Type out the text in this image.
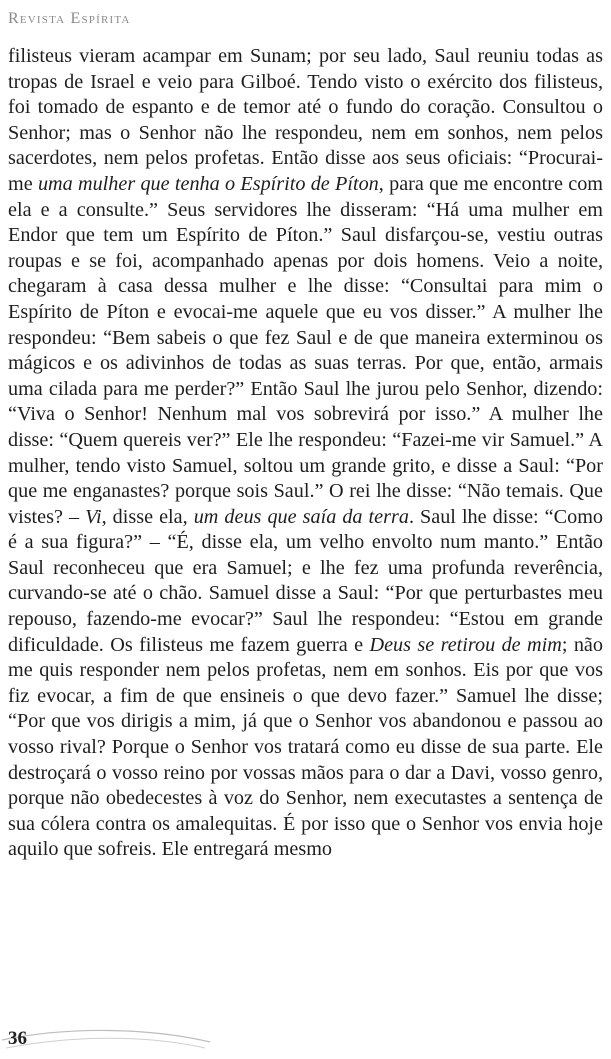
Revista Espírita

filisteus vieram acampar em Sunam; por seu lado, Saul reuniu todas as tropas de Israel e veio para Gilboé. Tendo visto o exército dos filisteus, foi tomado de espanto e de temor até o fundo do coração. Consultou o Senhor; mas o Senhor não lhe respondeu, nem em sonhos, nem pelos sacerdotes, nem pelos profetas. Então disse aos seus oficiais: “Procurai-me uma mulher que tenha o Espírito de Píton, para que me encontre com ela e a consulte.” Seus servidores lhe disseram: “Há uma mulher em Endor que tem um Espírito de Píton.” Saul disfarçou-se, vestiu outras roupas e se foi, acompanhado apenas por dois homens. Veio a noite, chegaram à casa dessa mulher e lhe disse: “Consultai para mim o Espírito de Píton e evocai-me aquele que eu vos disser.” A mulher lhe respondeu: “Bem sabeis o que fez Saul e de que maneira exterminou os mágicos e os adivinhos de todas as suas terras. Por que, então, armais uma cilada para me perder?” Então Saul lhe jurou pelo Senhor, dizendo: “Viva o Senhor! Nenhum mal vos sobrevirá por isso.” A mulher lhe disse: “Quem quereis ver?” Ele lhe respondeu: “Fazei-me vir Samuel.” A mulher, tendo visto Samuel, soltou um grande grito, e disse a Saul: “Por que me enganastes? porque sois Saul.” O rei lhe disse: “Não temais. Que vistes? – Vi, disse ela, um deus que saía da terra. Saul lhe disse: “Como é a sua figura?” – “É, disse ela, um velho envolto num manto.” Então Saul reconheceu que era Samuel; e lhe fez uma profunda reverência, curvando-se até o chão. Samuel disse a Saul: “Por que perturbastes meu repouso, fazendo-me evocar?” Saul lhe respondeu: “Estou em grande dificuldade. Os filisteus me fazem guerra e Deus se retirou de mim; não me quis responder nem pelos profetas, nem em sonhos. Eis por que vos fiz evocar, a fim de que ensineis o que devo fazer.” Samuel lhe disse; “Por que vos dirigis a mim, já que o Senhor vos abandonou e passou ao vosso rival? Porque o Senhor vos tratará como eu disse de sua parte. Ele destroçará o vosso reino por vossas mãos para o dar a Davi, vosso genro, porque não obedecestes à voz do Senhor, nem executastes a sentença de sua cólera contra os amalequitas. É por isso que o Senhor vos envia hoje aquilo que sofreis. Ele entregará mesmo

36
